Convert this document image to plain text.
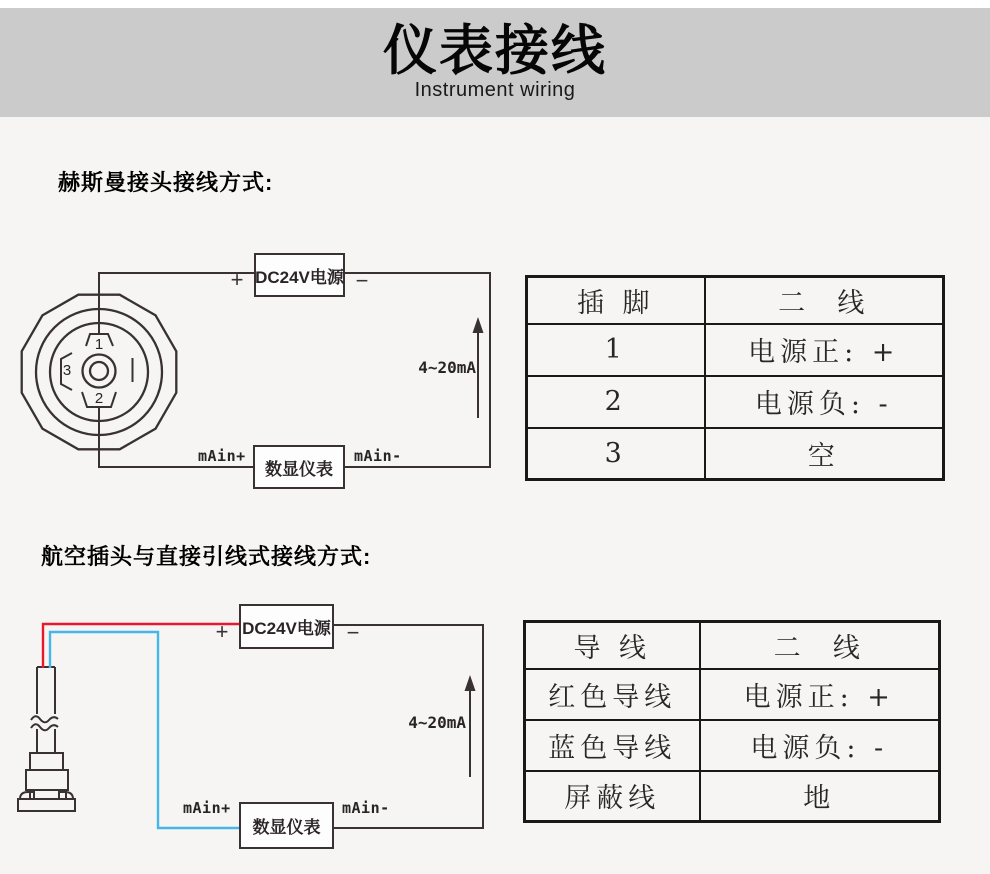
仪表接线
Instrument wiring
赫斯曼接头接线方式:
航空插头与直接引线式接线方式:
1
2
3
DC24V电源
数显仪表
+	−
4~20mA
mAin+	mAin-
DC24V电源
数显仪表
+	−
4~20mA
mAin+	mAin-
插 脚	二  线
1	电源正: +
2	电源负: -
3	空
导 线	二  线
红色导线	电源正: +
蓝色导线	电源负: -
屏蔽线	地
